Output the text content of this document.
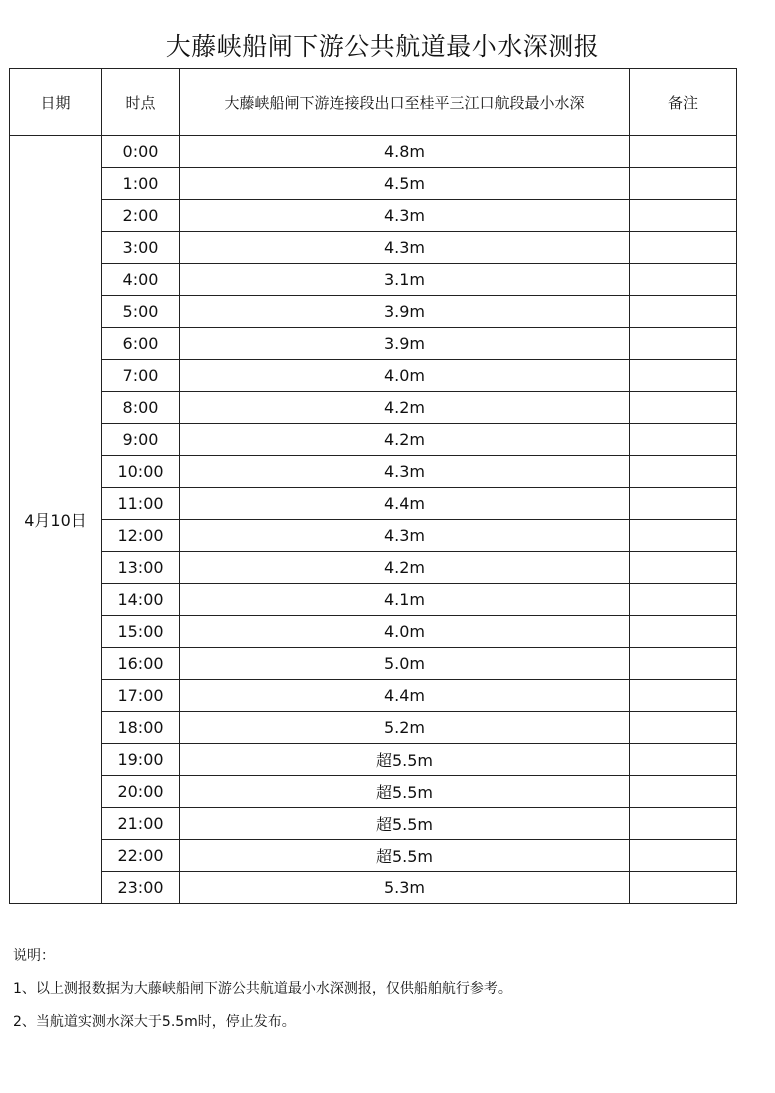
大藤峡船闸下游公共航道最小水深测报
日期	时点	大藤峡船闸下游连接段出口至桂平三江口航段最小水深	备注
4月10日	0:00	4.8m	
	1:00	4.5m	
	2:00	4.3m	
	3:00	4.3m	
	4:00	3.1m	
	5:00	3.9m	
	6:00	3.9m	
	7:00	4.0m	
	8:00	4.2m	
	9:00	4.2m	
	10:00	4.3m	
	11:00	4.4m	
	12:00	4.3m	
	13:00	4.2m	
	14:00	4.1m	
	15:00	4.0m	
	16:00	5.0m	
	17:00	4.4m	
	18:00	5.2m	
	19:00	超5.5m	
	20:00	超5.5m	
	21:00	超5.5m	
	22:00	超5.5m	
	23:00	5.3m	
说明：
1、以上测报数据为大藤峡船闸下游公共航道最小水深测报，仅供船舶航行参考。
2、当航道实测水深大于5.5m时，停止发布。
